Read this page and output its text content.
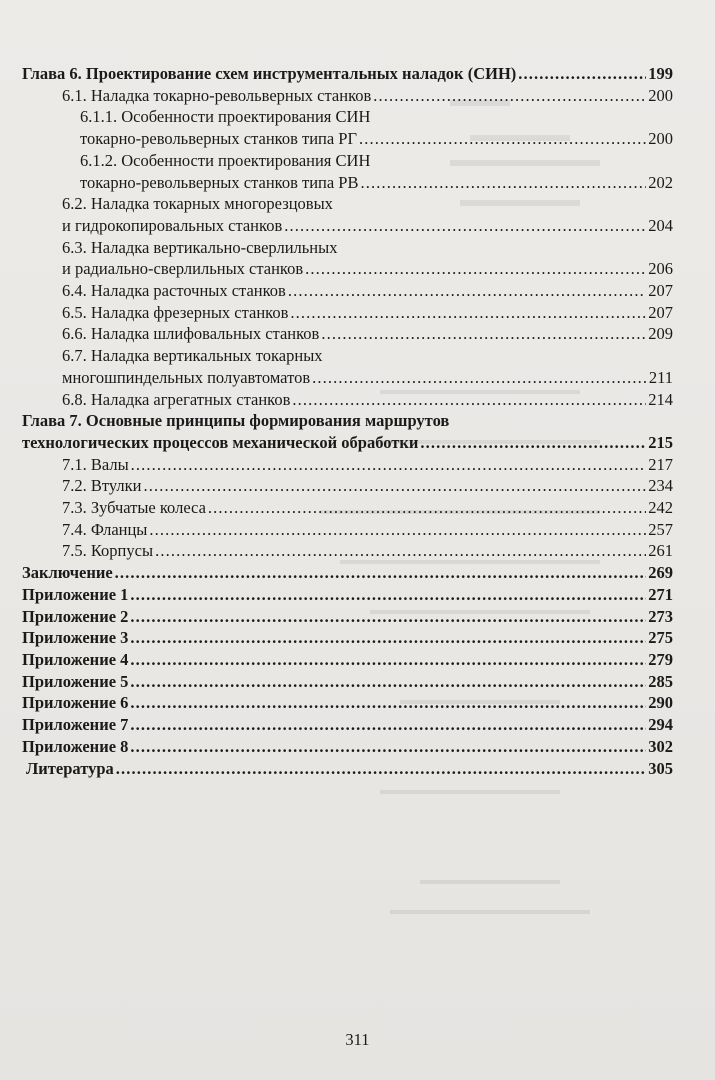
Глава 6. Проектирование схем инструментальных наладок (СИН) . . .	199
6.1. Наладка токарно-револьверных станков . . .	200
6.1.1. Особенности проектирования СИН
токарно-револьверных станков типа РГ . . .	200
6.1.2. Особенности проектирования СИН
токарно-револьверных станков типа РВ . . .	202
6.2. Наладка токарных многорезцовых
и гидрокопировальных станков . . .	204
6.3. Наладка вертикально-сверлильных
и радиально-сверлильных станков . . .	206
6.4. Наладка расточных станков . . .	207
6.5. Наладка фрезерных станков . . .	207
6.6. Наладка шлифовальных станков . . .	209
6.7. Наладка вертикальных токарных
многошпиндельных полуавтоматов . . .	211
6.8. Наладка агрегатных станков . . .	214
Глава 7. Основные принципы формирования маршрутов
технологических процессов механической обработки . . .	215
7.1. Валы . . .	217
7.2. Втулки . . .	234
7.3. Зубчатые колеса . . .	242
7.4. Фланцы . . .	257
7.5. Корпусы . . .	261
Заключение . . .	269
Приложение 1 . . .	271
Приложение 2 . . .	273
Приложение 3 . . .	275
Приложение 4 . . .	279
Приложение 5 . . .	285
Приложение 6 . . .	290
Приложение 7 . . .	294
Приложение 8 . . .	302
Литература . . .	305
311
